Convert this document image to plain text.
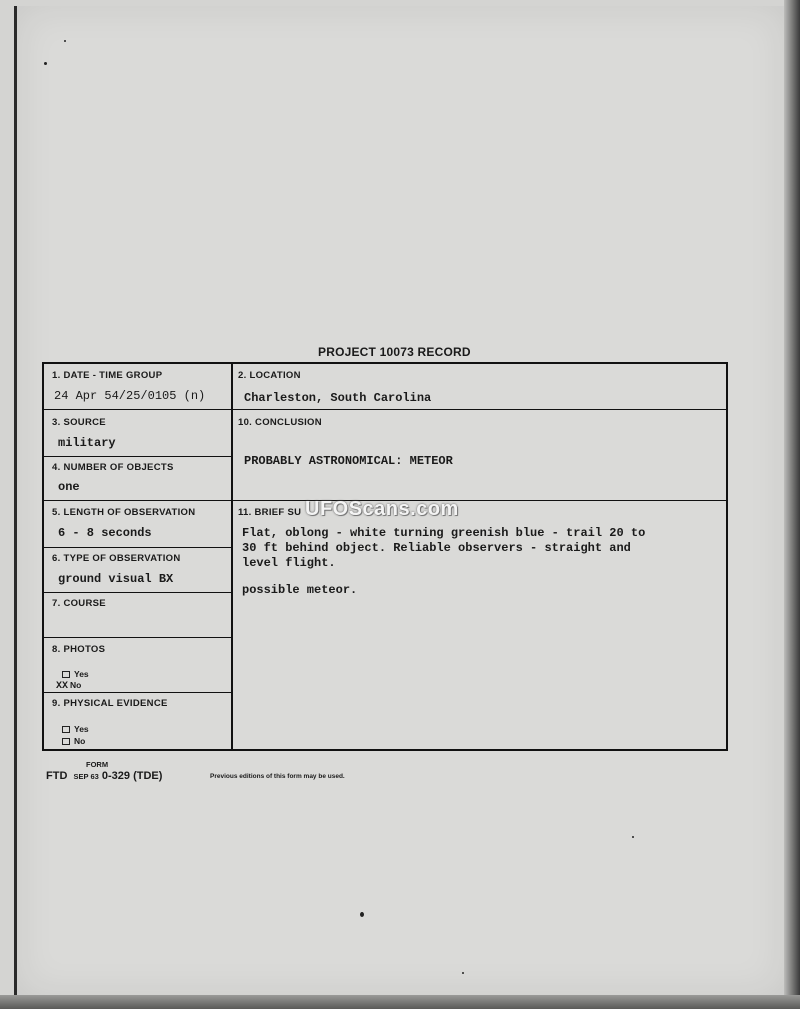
PROJECT 10073 RECORD
1. DATE - TIME GROUP
24 Apr 54/25/0105 (n)
2. LOCATION
Charleston, South Carolina
3. SOURCE
military
4. NUMBER OF OBJECTS
one
5. LENGTH OF OBSERVATION
6 - 8 seconds
6. TYPE OF OBSERVATION
ground visual BX
7. COURSE
8. PHOTOS
Yes
XX No
9. PHYSICAL EVIDENCE
Yes
No
10. CONCLUSION
PROBABLY ASTRONOMICAL: METEOR
11. BRIEF SU

Flat, oblong - white turning greenish blue - trail 20 to
30 ft behind object. Reliable observers - straight and
level flight.

possible meteor.

UFOScans.com
FORM
FTD SEP 63 0-329 (TDE)	Previous editions of this form may be used.
